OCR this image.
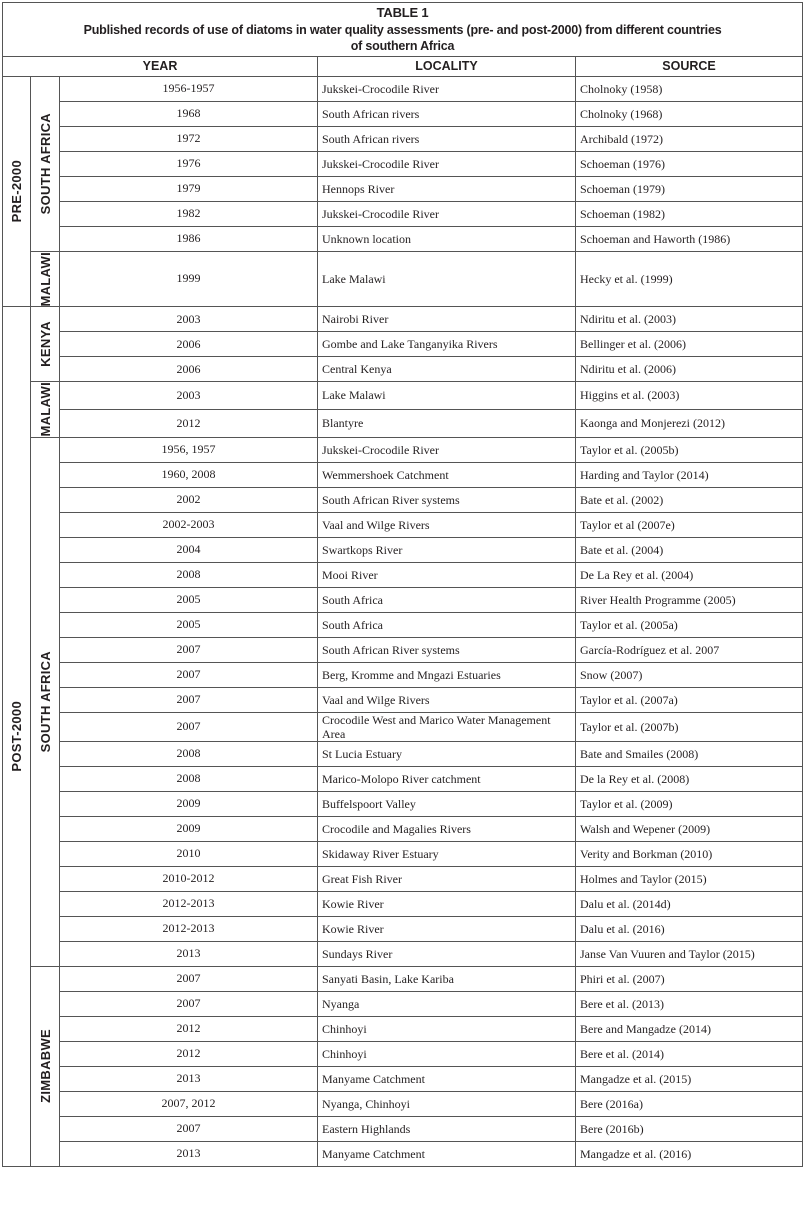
TABLE 1
Published records of use of diatoms in water quality assessments (pre- and post-2000) from different countries
of southern Africa				

YEAR			LOCALITY	SOURCE

PRE-2000	SOUTH AFRICA	1956-1957	Jukskei-Crocodile River	Cholnoky (1958)
		1968	South African rivers	Cholnoky (1968)
		1972	South African rivers	Archibald (1972)
		1976	Jukskei-Crocodile River	Schoeman (1976)
		1979	Hennops River	Schoeman (1979)
		1982	Jukskei-Crocodile River	Schoeman (1982)
		1986	Unknown location	Schoeman and Haworth (1986)

	MALAWI	1999	Lake Malawi	Hecky et al. (1999)

POST-2000	KENYA	2003	Nairobi River	Ndiritu et al. (2003)
		2006	Gombe and Lake Tanganyika Rivers	Bellinger et al. (2006)
		2006	Central Kenya	Ndiritu et al. (2006)

	MALAWI	2003	Lake Malawi	Higgins et al. (2003)
		2012	Blantyre	Kaonga and Monjerezi (2012)

	SOUTH AFRICA	1956, 1957	Jukskei-Crocodile River	Taylor et al. (2005b)
		1960, 2008	Wemmershoek Catchment	Harding and Taylor (2014)
		2002	South African River systems	Bate et al. (2002)
		2002-2003	Vaal and Wilge Rivers	Taylor et al (2007e)
		2004	Swartkops River	Bate et al. (2004)
		2008	Mooi River	De La Rey et al. (2004)
		2005	South Africa	River Health Programme (2005)
		2005	South Africa	Taylor et al. (2005a)
		2007	South African River systems	García-Rodríguez et al. 2007
		2007	Berg, Kromme and Mngazi Estuaries	Snow (2007)
		2007	Vaal and Wilge Rivers	Taylor et al. (2007a)
		2007	Crocodile West and Marico Water Management Area	Taylor et al. (2007b)
		2008	St Lucia Estuary	Bate and Smailes (2008)
		2008	Marico-Molopo River catchment	De la Rey et al. (2008)
		2009	Buffelspoort Valley	Taylor et al. (2009)
		2009	Crocodile and Magalies Rivers	Walsh and Wepener (2009)
		2010	Skidaway River Estuary	Verity and Borkman (2010)
		2010-2012	Great Fish River	Holmes and Taylor (2015)
		2012-2013	Kowie River	Dalu et al. (2014d)
		2012-2013	Kowie River	Dalu et al. (2016)
		2013	Sundays River	Janse Van Vuuren and Taylor (2015)

	ZIMBABWE	2007	Sanyati Basin, Lake Kariba	Phiri et al. (2007)
		2007	Nyanga	Bere et al. (2013)
		2012	Chinhoyi	Bere and Mangadze (2014)
		2012	Chinhoyi	Bere et al. (2014)
		2013	Manyame Catchment	Mangadze et al. (2015)
		2007, 2012	Nyanga, Chinhoyi	Bere (2016a)
		2007	Eastern Highlands	Bere (2016b)
		2013	Manyame Catchment	Mangadze et al. (2016)
